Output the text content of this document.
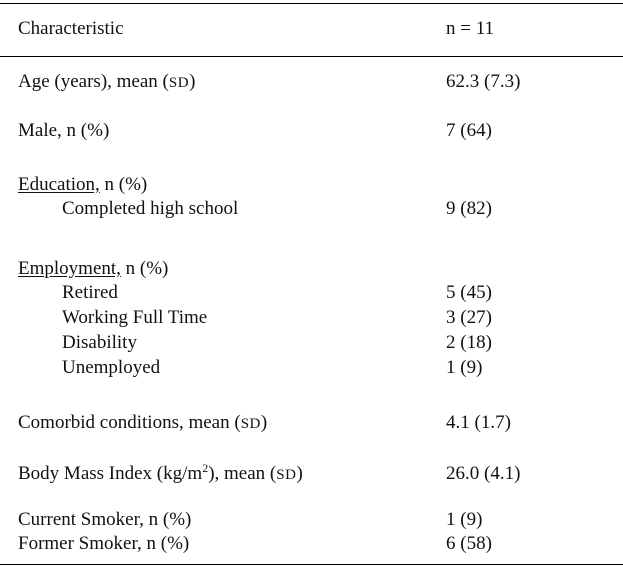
Characteristic	n = 11
Age (years), mean (SD)	62.3 (7.3)
Male, n (%)	7 (64)
Education, n (%)
Completed high school	9 (82)
Employment, n (%)
Retired	5 (45)
Working Full Time	3 (27)
Disability	2 (18)
Unemployed	1 (9)
Comorbid conditions, mean (SD)	4.1 (1.7)
Body Mass Index $(kg/m^2)$, mean (SD)	26.0 (4.1)
Current Smoker, n (%)	1 (9)
Former Smoker, n (%)	6 (58)
